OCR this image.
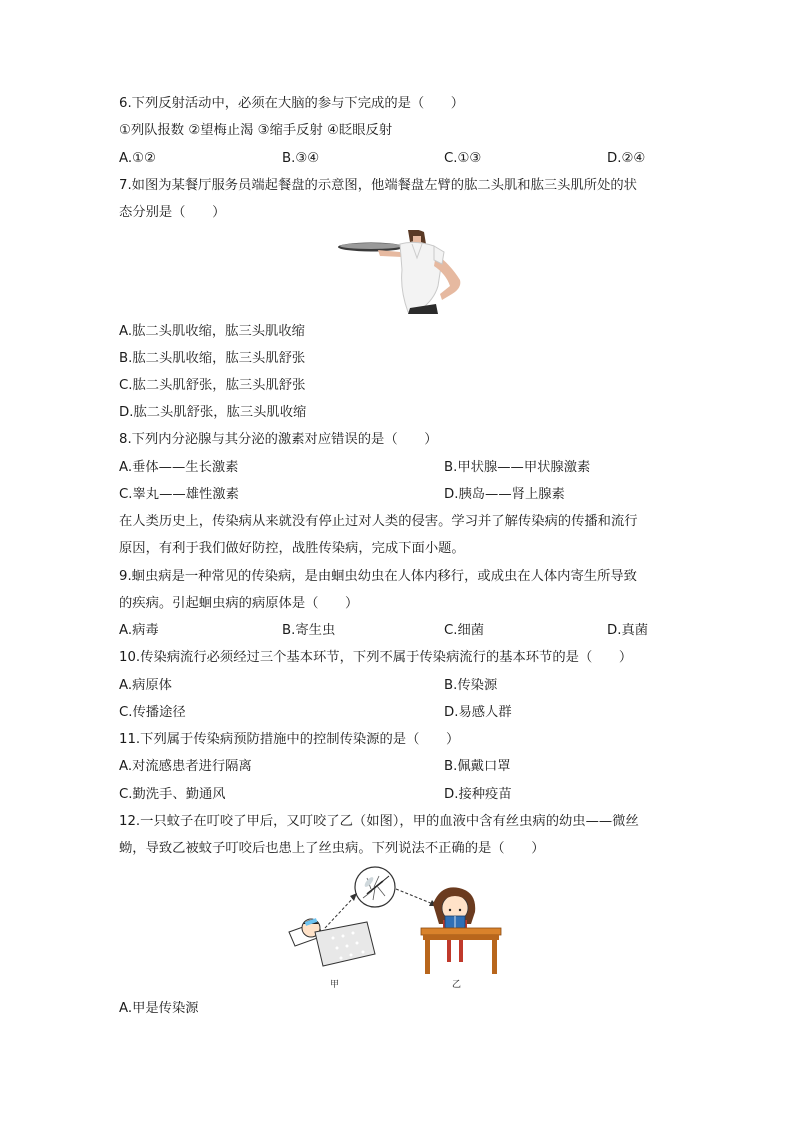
6.下列反射活动中，必须在大脑的参与下完成的是（　　）
①列队报数 ②望梅止渴 ③缩手反射 ④眨眼反射
A.①②	B.③④	C.①③	D.②④
7.如图为某餐厅服务员端起餐盘的示意图，他端餐盘左臂的肱二头肌和肱三头肌所处的状
态分别是（　　）
A.肱二头肌收缩，肱三头肌收缩
B.肱二头肌收缩，肱三头肌舒张
C.肱二头肌舒张，肱三头肌舒张
D.肱二头肌舒张，肱三头肌收缩
8.下列内分泌腺与其分泌的激素对应错误的是（　　）
A.垂体——生长激素	B.甲状腺——甲状腺激素
C.睾丸——雄性激素	D.胰岛——肾上腺素
在人类历史上，传染病从来就没有停止过对人类的侵害。学习并了解传染病的传播和流行
原因，有利于我们做好防控，战胜传染病，完成下面小题。
9.蛔虫病是一种常见的传染病，是由蛔虫幼虫在人体内移行，或成虫在人体内寄生所导致
的疾病。引起蛔虫病的病原体是（　　）
A.病毒	B.寄生虫	C.细菌	D.真菌
10.传染病流行必须经过三个基本环节，下列不属于传染病流行的基本环节的是（　　）
A.病原体	B.传染源
C.传播途径	D.易感人群
11.下列属于传染病预防措施中的控制传染源的是（　　）
A.对流感患者进行隔离	B.佩戴口罩
C.勤洗手、勤通风	D.接种疫苗
12.一只蚊子在叮咬了甲后，又叮咬了乙（如图），甲的血液中含有丝虫病的幼虫——微丝
蚴，导致乙被蚊子叮咬后也患上了丝虫病。下列说法不正确的是（　　）
甲	乙
A.甲是传染源
